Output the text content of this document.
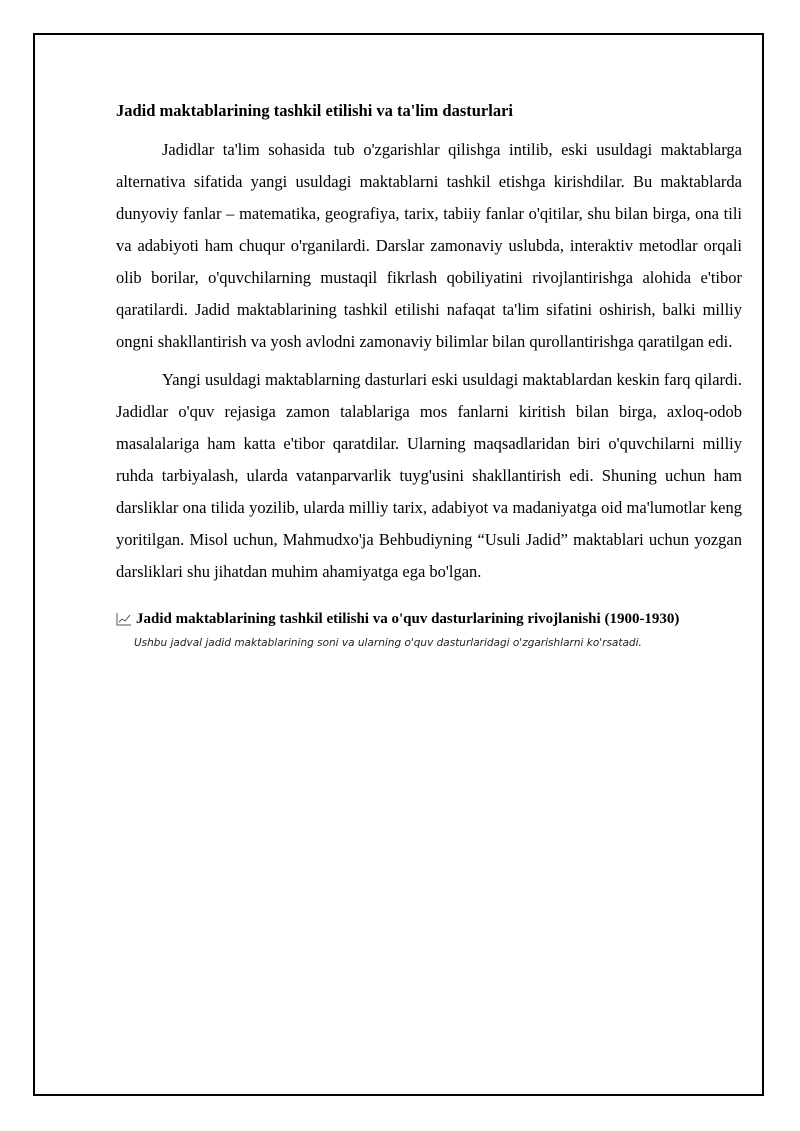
Jadid maktablarining tashkil etilishi va ta'lim dasturlari

Jadidlar ta'lim sohasida tub o'zgarishlar qilishga intilib, eski usuldagi maktablarga alternativa sifatida yangi usuldagi maktablarni tashkil etishga kirishdilar. Bu maktablarda dunyoviy fanlar – matematika, geografiya, tarix, tabiiy fanlar o'qitilar, shu bilan birga, ona tili va adabiyoti ham chuqur o'rganilardi. Darslar zamonaviy uslubda, interaktiv metodlar orqali olib borilar, o'quvchilarning mustaqil fikrlash qobiliyatini rivojlantirishga alohida e'tibor qaratilardi. Jadid maktablarining tashkil etilishi nafaqat ta'lim sifatini oshirish, balki milliy ongni shakllantirish va yosh avlodni zamonaviy bilimlar bilan qurollantirishga qaratilgan edi.

Yangi usuldagi maktablarning dasturlari eski usuldagi maktablardan keskin farq qilardi. Jadidlar o'quv rejasiga zamon talablariga mos fanlarni kiritish bilan birga, axloq-odob masalalariga ham katta e'tibor qaratdilar. Ularning maqsadlaridan biri o'quvchilarni milliy ruhda tarbiyalash, ularda vatanparvarlik tuyg'usini shakllantirish edi. Shuning uchun ham darsliklar ona tilida yozilib, ularda milliy tarix, adabiyot va madaniyatga oid ma'lumotlar keng yoritilgan. Misol uchun, Mahmudxo'ja Behbudiyning “Usuli Jadid” maktablari uchun yozgan darsliklari shu jihatdan muhim ahamiyatga ega bo'lgan.

Jadid maktablarining tashkil etilishi va o'quv dasturlarining rivojlanishi (1900-1930)
Ushbu jadval jadid maktablarining soni va ularning o'quv dasturlaridagi o'zgarishlarni ko'rsatadi.
